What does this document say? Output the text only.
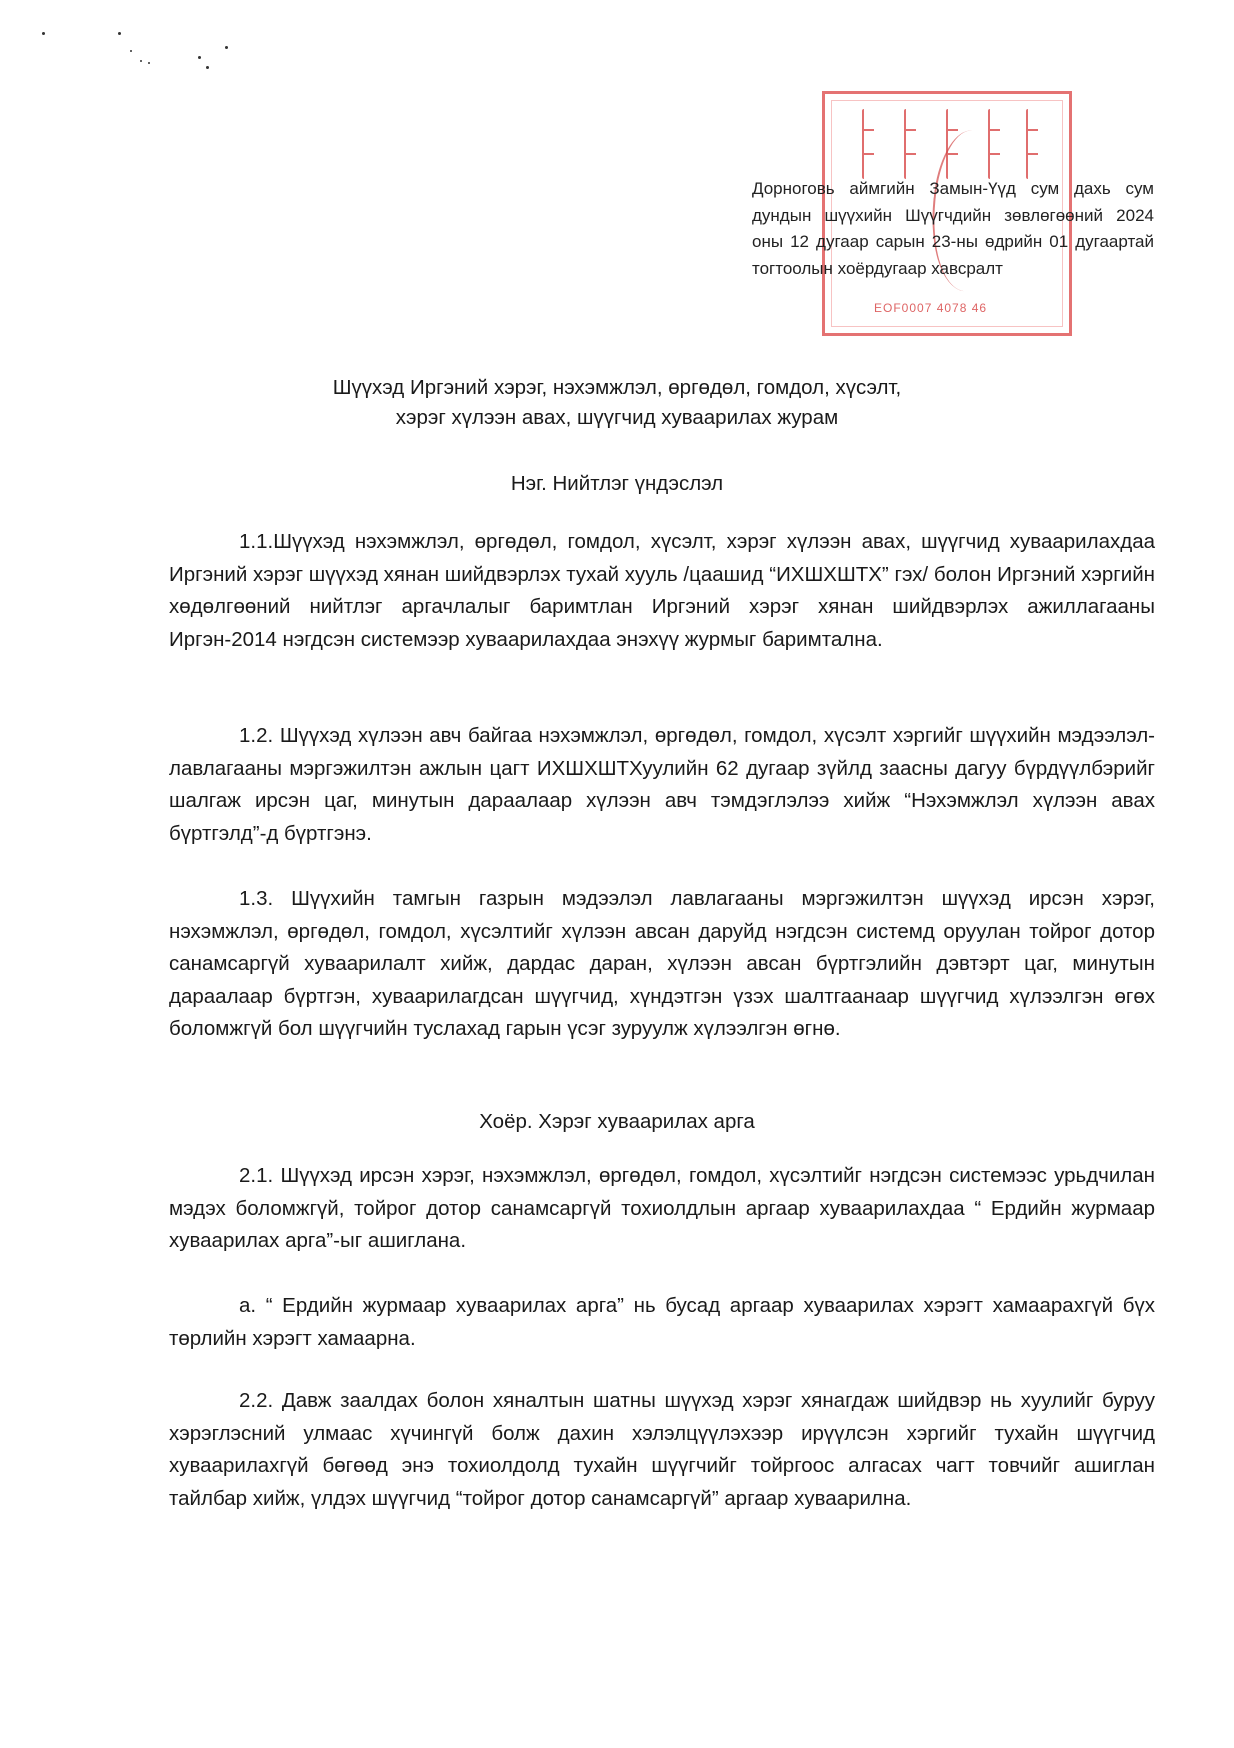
EOF0007 4078 46
Дорноговь аймгийн Замын-Үүд сум дахь сум дундын шүүхийн Шүүгчдийн зөвлөгөөний 2024 оны 12 дугаар сарын 23-ны өдрийн 01 дугаартай тогтоолын хоёрдугаар хавсралт
Шүүхэд Иргэний хэрэг, нэхэмжлэл, өргөдөл, гомдол, хүсэлт,
хэрэг хүлээн авах, шүүгчид хуваарилах журам
Нэг. Нийтлэг үндэслэл

1.1.Шүүхэд нэхэмжлэл, өргөдөл, гомдол, хүсэлт, хэрэг хүлээн авах, шүүгчид хуваарилахдаа Иргэний хэрэг шүүхэд хянан шийдвэрлэх тухай хууль /цаашид “ИХШХШТХ” гэх/ болон Иргэний хэргийн хөдөлгөөний нийтлэг аргачлалыг баримтлан Иргэний хэрэг хянан шийдвэрлэх ажиллагааны Иргэн-2014 нэгдсэн системээр хуваарилахдаа энэхүү журмыг баримтална.

1.2. Шүүхэд хүлээн авч байгаа нэхэмжлэл, өргөдөл, гомдол, хүсэлт хэргийг шүүхийн мэдээлэл-лавлагааны мэргэжилтэн ажлын цагт ИХШХШТХуулийн 62 дугаар зүйлд заасны дагуу бүрдүүлбэрийг шалгаж ирсэн цаг, минутын дараалаар хүлээн авч тэмдэглэлээ хийж “Нэхэмжлэл хүлээн авах бүртгэлд”-д бүртгэнэ.

1.3. Шүүхийн тамгын газрын мэдээлэл лавлагааны мэргэжилтэн шүүхэд ирсэн хэрэг, нэхэмжлэл, өргөдөл, гомдол, хүсэлтийг хүлээн авсан даруйд нэгдсэн системд оруулан тойрог дотор санамсаргүй хуваарилалт хийж, дардас даран, хүлээн авсан бүртгэлийн дэвтэрт цаг, минутын дараалаар бүртгэн, хуваарилагдсан шүүгчид, хүндэтгэн үзэх шалтгаанаар шүүгчид хүлээлгэн өгөх боломжгүй бол шүүгчийн туслахад гарын үсэг зуруулж хүлээлгэн өгнө.

Хоёр. Хэрэг хуваарилах арга

2.1. Шүүхэд ирсэн хэрэг, нэхэмжлэл, өргөдөл, гомдол, хүсэлтийг нэгдсэн системээс урьдчилан мэдэх боломжгүй, тойрог дотор санамсаргүй тохиолдлын аргаар хуваарилахдаа “ Ердийн журмаар хуваарилах арга”-ыг ашиглана.

а. “ Ердийн журмаар хуваарилах арга” нь бусад аргаар хуваарилах хэрэгт хамаарахгүй бүх төрлийн хэрэгт хамаарна.

2.2. Давж заалдах болон хяналтын шатны шүүхэд хэрэг хянагдаж шийдвэр нь хуулийг буруу хэрэглэсний улмаас хүчингүй болж дахин хэлэлцүүлэхээр ирүүлсэн хэргийг тухайн шүүгчид хуваарилахгүй бөгөөд энэ тохиолдолд тухайн шүүгчийг тойргоос алгасах чагт товчийг ашиглан тайлбар хийж, үлдэх шүүгчид “тойрог дотор санамсаргүй” аргаар хуваарилна.
